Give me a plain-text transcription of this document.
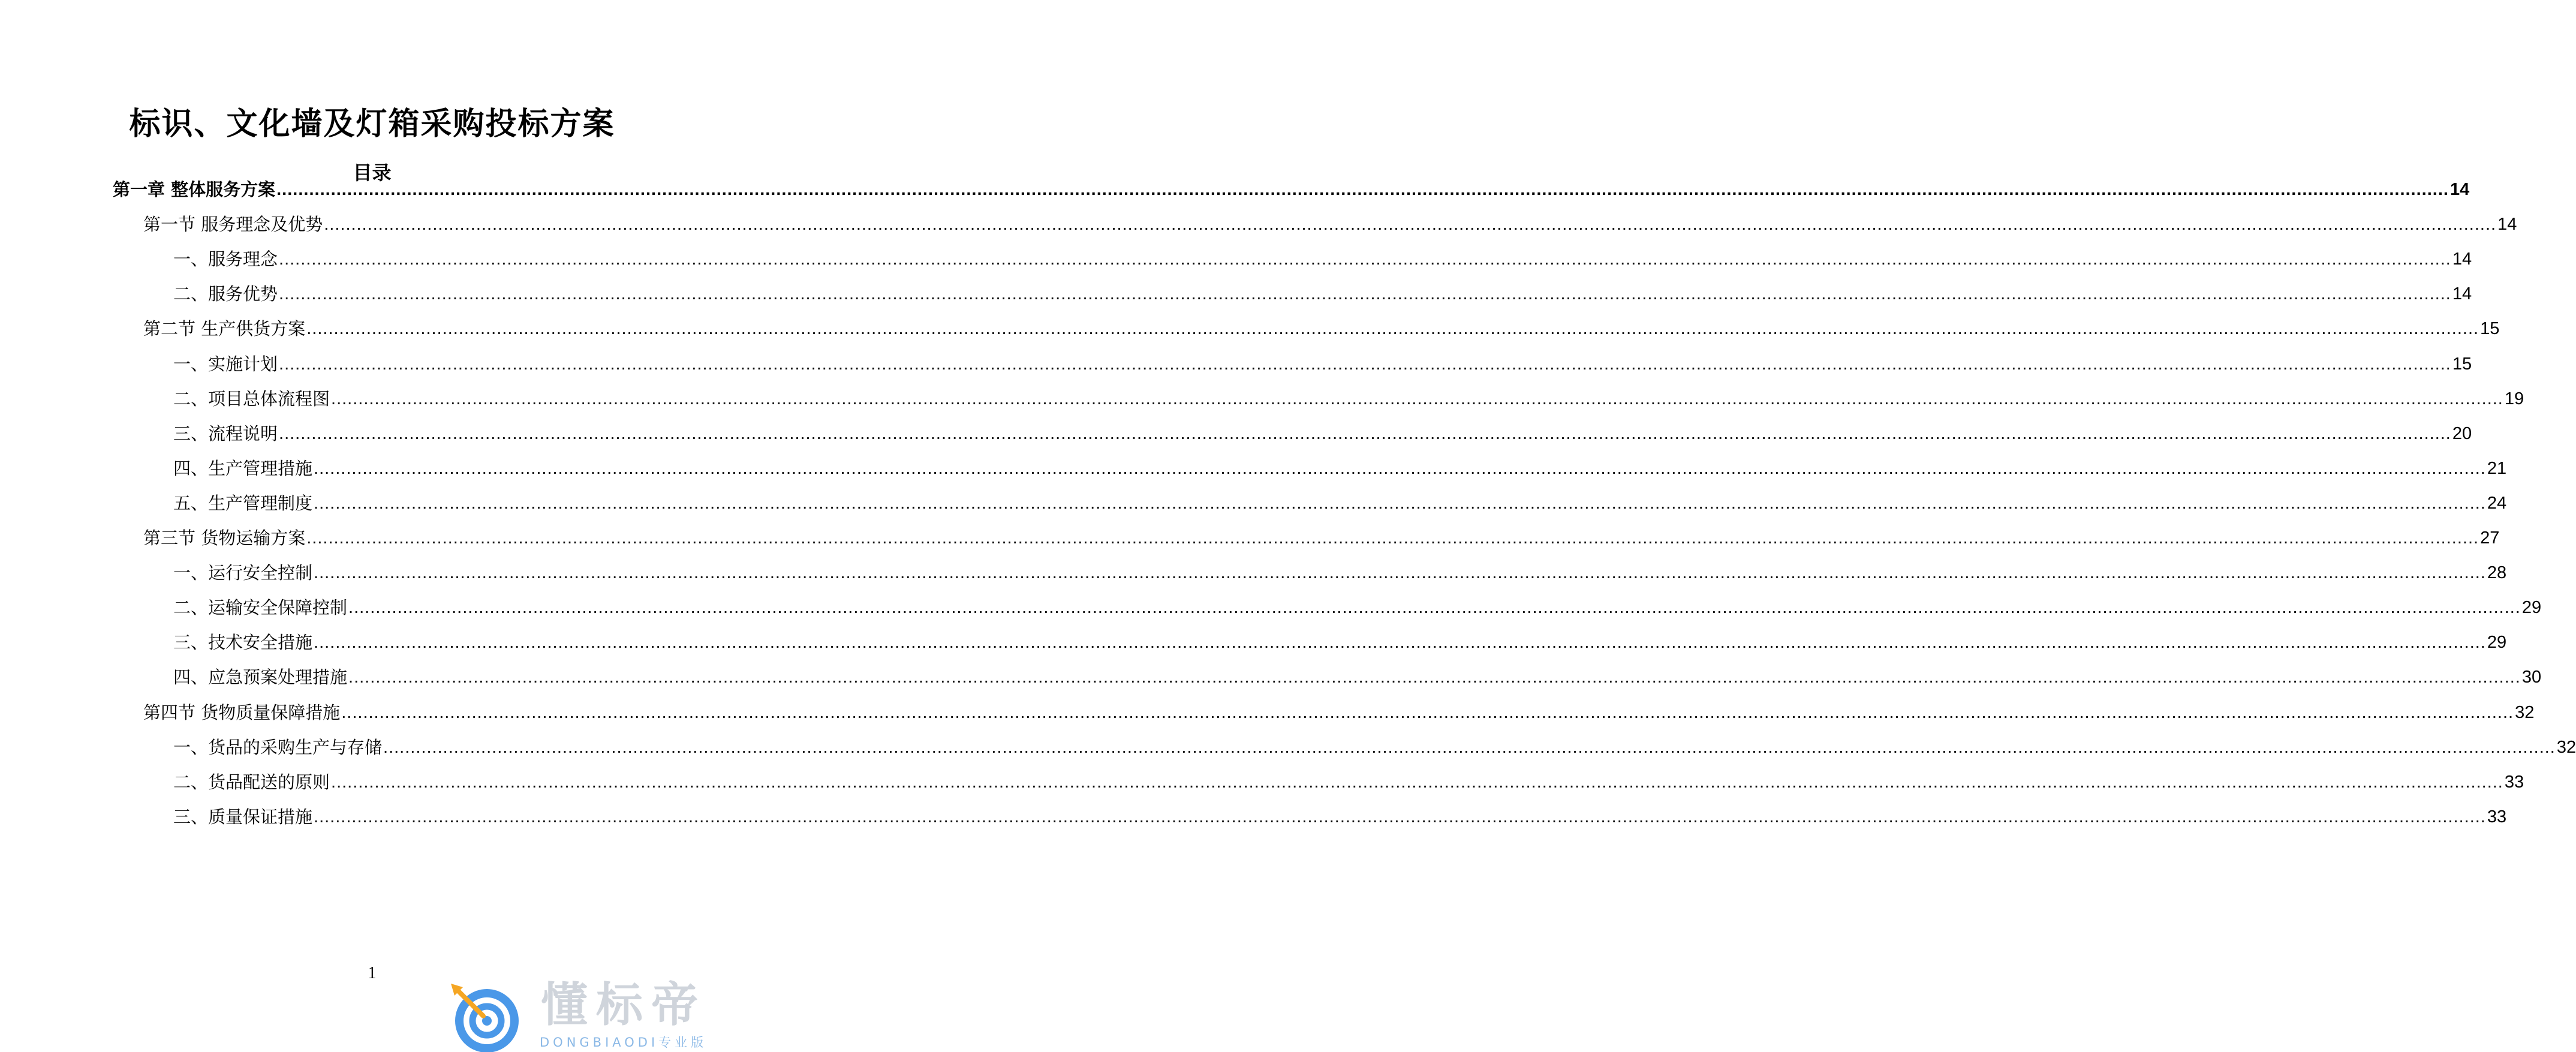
标识、文化墙及灯箱采购投标方案
目录
第一章 整体服务方案 ................................................................................................................................................................................................................................................................................................................................................................................................................ 14
第一节 服务理念及优势 ................................................................................................................................................................................................................................................................................................................................................................................................................ 14
一、服务理念 ................................................................................................................................................................................................................................................................................................................................................................................................................ 14
二、服务优势 ................................................................................................................................................................................................................................................................................................................................................................................................................ 14
第二节 生产供货方案 ................................................................................................................................................................................................................................................................................................................................................................................................................ 15
一、实施计划 ................................................................................................................................................................................................................................................................................................................................................................................................................ 15
二、项目总体流程图 ................................................................................................................................................................................................................................................................................................................................................................................................................ 19
三、流程说明 ................................................................................................................................................................................................................................................................................................................................................................................................................ 20
四、生产管理措施 ................................................................................................................................................................................................................................................................................................................................................................................................................ 21
五、生产管理制度 ................................................................................................................................................................................................................................................................................................................................................................................................................ 24
第三节 货物运输方案 ................................................................................................................................................................................................................................................................................................................................................................................................................ 27
一、运行安全控制 ................................................................................................................................................................................................................................................................................................................................................................................................................ 28
二、运输安全保障控制 ................................................................................................................................................................................................................................................................................................................................................................................................................ 29
三、技术安全措施 ................................................................................................................................................................................................................................................................................................................................................................................................................ 29
四、应急预案处理措施 ................................................................................................................................................................................................................................................................................................................................................................................................................ 30
第四节 货物质量保障措施 ................................................................................................................................................................................................................................................................................................................................................................................................................ 32
一、货品的采购生产与存储 ................................................................................................................................................................................................................................................................................................................................................................................................................ 32
二、货品配送的原则 ................................................................................................................................................................................................................................................................................................................................................................................................................ 33
三、质量保证措施 ................................................................................................................................................................................................................................................................................................................................................................................................................ 33
1
懂标帝
DONGBIAODI专业版
